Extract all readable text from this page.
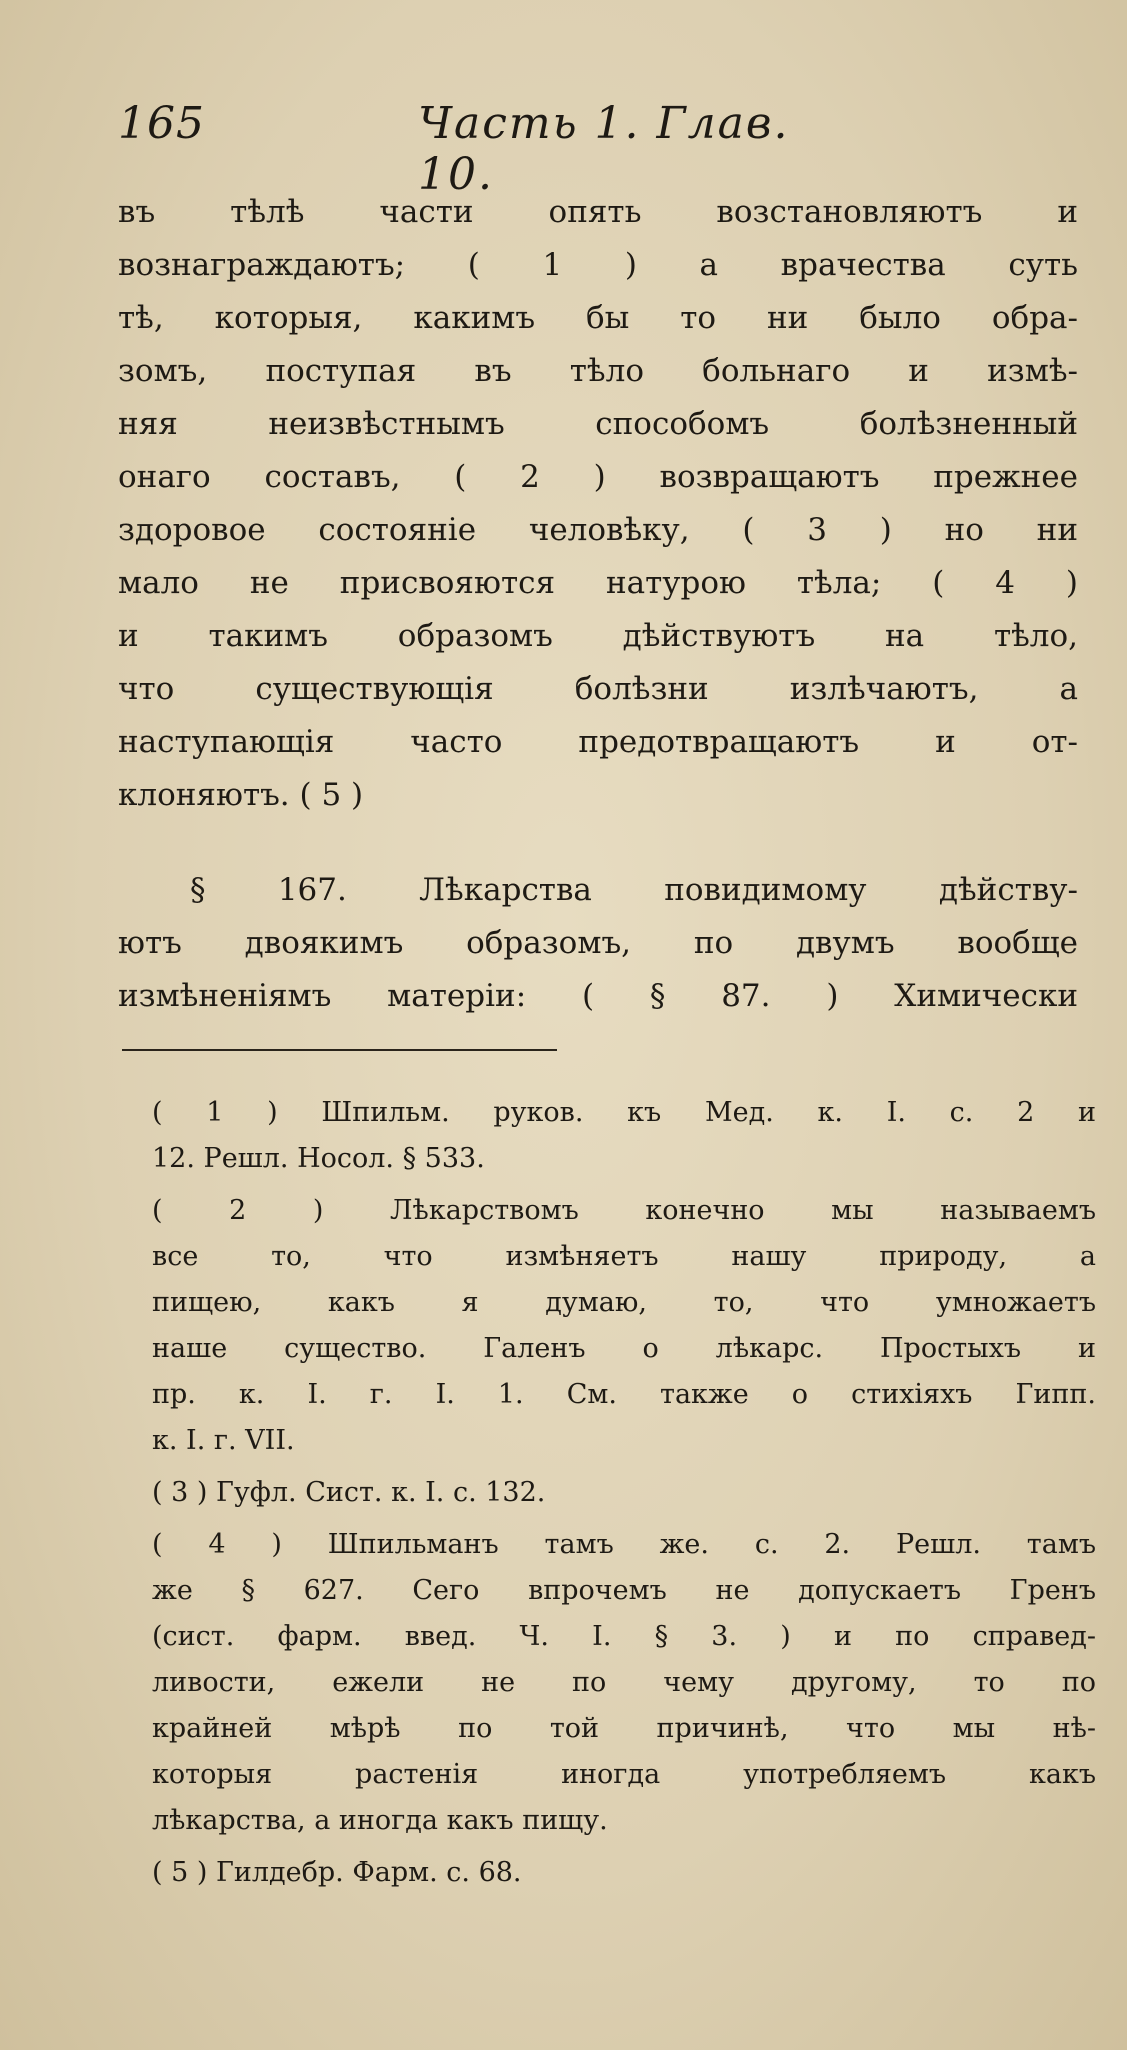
165	Часть 1. Глав. 10.
въ тѣлѣ части опять возстановляютъ и
вознаграждаютъ; ( 1 ) а врачества суть
тѣ, которыя, какимъ бы то ни было обра-
зомъ, поступая въ тѣло больнаго и измѣ-
няя неизвѣстнымъ способомъ болѣзненный
онаго составъ, ( 2 ) возвращаютъ прежнее
здоровое состояніе человѣку, ( 3 ) но ни
мало не присвояются натурою тѣла; ( 4 )
и такимъ образомъ дѣйствуютъ на тѣло,
что существующія болѣзни излѣчаютъ, а
наступающія часто предотвращаютъ и от-
клоняютъ. ( 5 )
§ 167. Лѣкарства повидимому дѣйству-
ютъ двоякимъ образомъ, по двумъ вообще
измѣненіямъ матеріи: ( § 87. ) Химически
( 1 ) Шпильм. руков. къ Мед. к. I. с. 2 и
12. Решл. Носол. § 533.
( 2 ) Лѣкарствомъ конечно мы называемъ
все то, что измѣняетъ нашу природу, а
пищею, какъ я думаю, то, что умножаетъ
наше существо. Галенъ о лѣкарс. Простыхъ и
пр. к. I. г. I. 1. См. также о стихіяхъ Гипп.
к. I. г. VII.
( 3 ) Гуфл. Сист. к. I. с. 132.
( 4 ) Шпильманъ тамъ же. с. 2. Решл. тамъ
же § 627. Сего впрочемъ не допускаетъ Гренъ
(сист. фарм. введ. Ч. I. § 3. ) и по справед-
ливости, ежели не по чему другому, то по
крайней мѣрѣ по той причинѣ, что мы нѣ-
которыя растенія иногда употребляемъ какъ
лѣкарства, а иногда какъ пищу.
( 5 ) Гилдебр. Фарм. с. 68.
